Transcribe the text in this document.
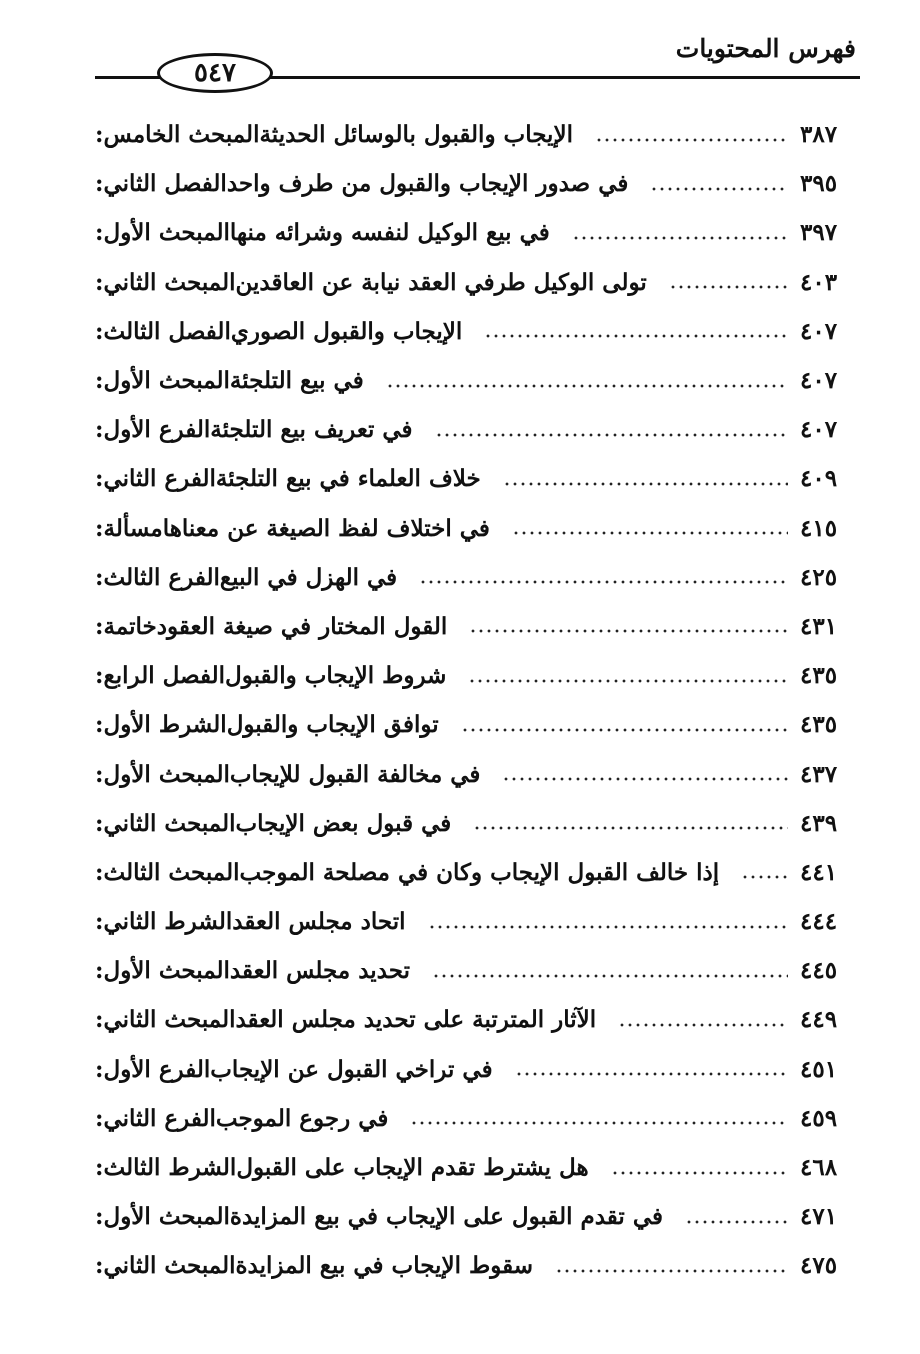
فهرس المحتويات
٥٤٧
المبحث الخامس: الإيجاب والقبول بالوسائل الحديثة	٣٨٧
الفصل الثاني: في صدور الإيجاب والقبول من طرف واحد	٣٩٥
المبحث الأول: في بيع الوكيل لنفسه وشرائه منها	٣٩٧
المبحث الثاني: تولى الوكيل طرفي العقد نيابة عن العاقدين	٤٠٣
الفصل الثالث: الإيجاب والقبول الصوري	٤٠٧
المبحث الأول: في بيع التلجئة	٤٠٧
الفرع الأول: في تعريف بيع التلجئة	٤٠٧
الفرع الثاني: خلاف العلماء في بيع التلجئة	٤٠٩
مسألة: في اختلاف لفظ الصيغة عن معناها	٤١٥
الفرع الثالث: في الهزل في البيع	٤٢٥
خاتمة: القول المختار في صيغة العقود	٤٣١
الفصل الرابع: شروط الإيجاب والقبول	٤٣٥
الشرط الأول: توافق الإيجاب والقبول	٤٣٥
المبحث الأول: في مخالفة القبول للإيجاب	٤٣٧
المبحث الثاني: في قبول بعض الإيجاب	٤٣٩
المبحث الثالث: إذا خالف القبول الإيجاب وكان في مصلحة الموجب	٤٤١
الشرط الثاني: اتحاد مجلس العقد	٤٤٤
المبحث الأول: تحديد مجلس العقد	٤٤٥
المبحث الثاني: الآثار المترتبة على تحديد مجلس العقد	٤٤٩
الفرع الأول: في تراخي القبول عن الإيجاب	٤٥١
الفرع الثاني: في رجوع الموجب	٤٥٩
الشرط الثالث: هل يشترط تقدم الإيجاب على القبول	٤٦٨
المبحث الأول: في تقدم القبول على الإيجاب في بيع المزايدة	٤٧١
المبحث الثاني: سقوط الإيجاب في بيع المزايدة	٤٧٥
